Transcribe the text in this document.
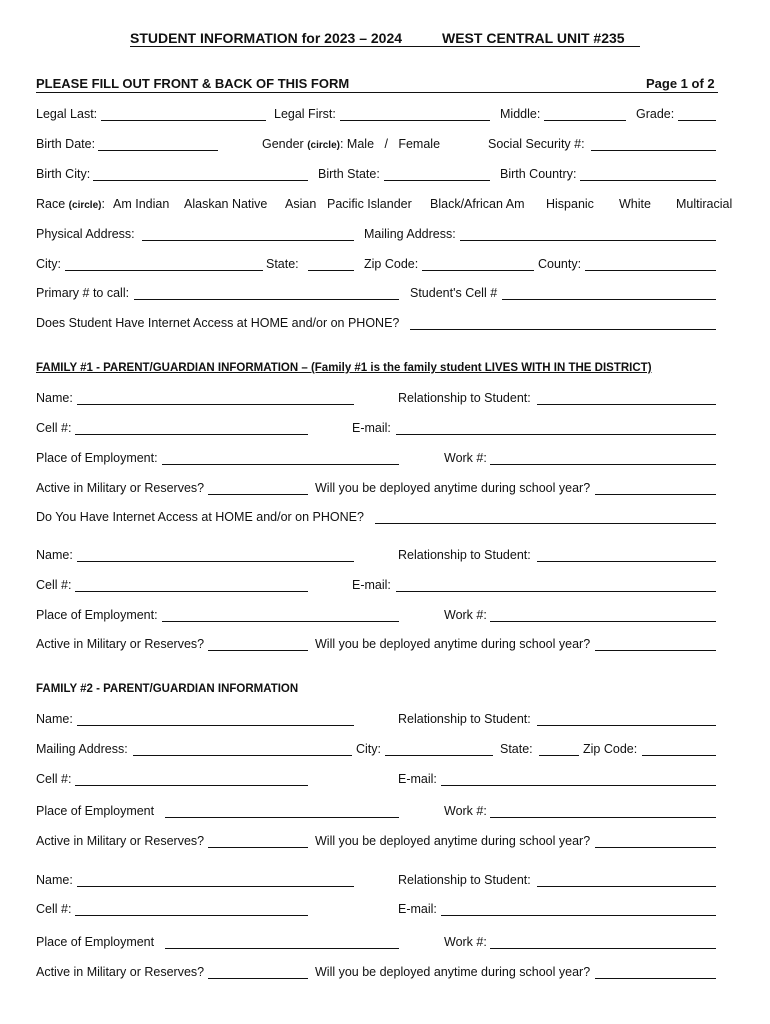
STUDENT INFORMATION for 2023 – 2024	WEST CENTRAL UNIT #235
PLEASE FILL OUT FRONT & BACK OF THIS FORM	Page 1 of 2
Legal Last:	Legal First:	Middle:	Grade:
Birth Date:	Gender (circle): Male   /   Female	Social Security #:
Birth City:	Birth State:	Birth Country:
Race (circle): Am Indian Alaskan Native Asian Pacific Islander Black/African Am Hispanic White Multiracial
Physical Address:	Mailing Address:
City:	State:	Zip Code:	County:
Primary # to call:	Student's Cell #
Does Student Have Internet Access at HOME and/or on PHONE?
FAMILY #1 - PARENT/GUARDIAN INFORMATION – (Family #1 is the family student LIVES WITH IN THE DISTRICT)
Name:	Relationship to Student:
Cell #:	E-mail:
Place of Employment:	Work #:
Active in Military or Reserves?	Will you be deployed anytime during school year?
Do You Have Internet Access at HOME and/or on PHONE?
Name:	Relationship to Student:
Cell #:	E-mail:
Place of Employment:	Work #:
Active in Military or Reserves?	Will you be deployed anytime during school year?
FAMILY #2 - PARENT/GUARDIAN INFORMATION
Name:	Relationship to Student:
Mailing Address:	City:	State:	Zip Code:
Cell #:	E-mail:
Place of Employment	Work #:
Active in Military or Reserves?	Will you be deployed anytime during school year?
Name:	Relationship to Student:
Cell #:	E-mail:
Place of Employment	Work #:
Active in Military or Reserves?	Will you be deployed anytime during school year?
